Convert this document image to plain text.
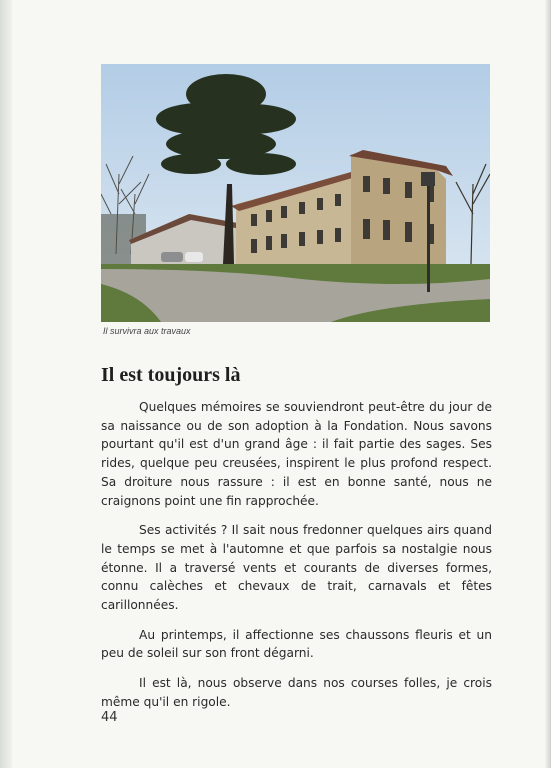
Il survivra aux travaux
Il est toujours là

Quelques mémoires se souviendront peut-être du jour de sa naissance ou de son adoption à la Fondation. Nous savons pourtant qu'il est d'un grand âge : il fait partie des sages. Ses rides, quelque peu creusées, inspirent le plus profond respect. Sa droiture nous rassure : il est en bonne santé, nous ne craignons point une fin rapprochée.

Ses activités ? Il sait nous fredonner quelques airs quand le temps se met à l'automne et que parfois sa nostalgie nous étonne. Il a traversé vents et courants de diverses formes, connu calèches et chevaux de trait, carnavals et fêtes carillonnées.

Au printemps, il affectionne ses chaussons fleuris et un peu de soleil sur son front dégarni.

Il est là, nous observe dans nos courses folles, je crois même qu'il en rigole.

44
